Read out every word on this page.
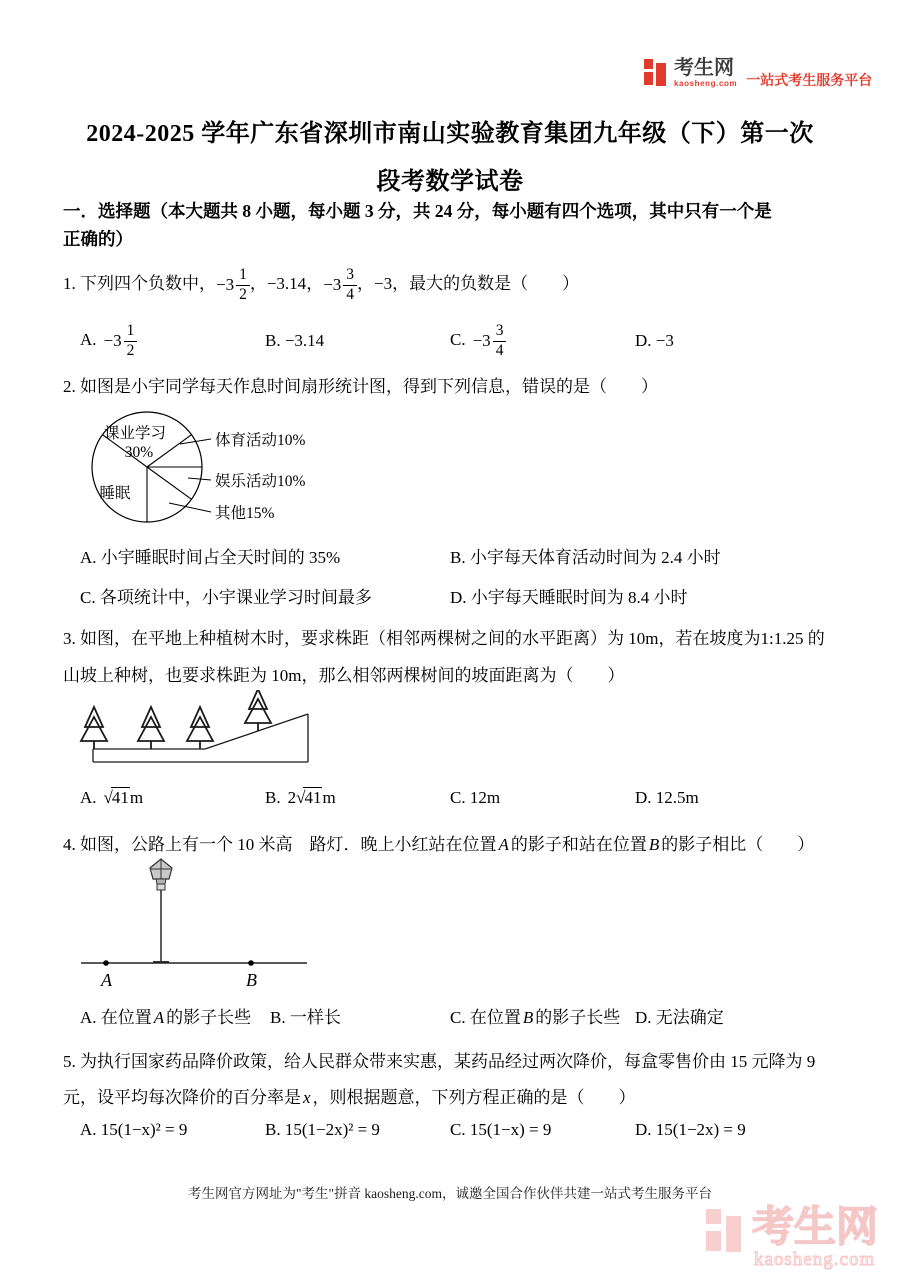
考生网
kaosheng.com 一站式考生服务平台
2024-2025 学年广东省深圳市南山实验教育集团九年级（下）第一次
段考数学试卷
一．选择题（本大题共 8 小题，每小题 3 分，共 24 分，每小题有四个选项，其中只有一个是
正确的）
1. 下列四个负数中， $-3 \frac{1}{2}$ ，−3.14， $-3 \frac{3}{4}$ ，−3，最大的负数是（　　）
A. $-3 \frac{1}{2}$	B. −3.14	C. $-3 \frac{3}{4}$	D. −3
2. 如图是小宇同学每天作息时间扇形统计图，得到下列信息，错误的是（　　）
课业学习
30%
睡眠
体育活动10%
娱乐活动10%
其他15%
A. 小宇睡眠时间占全天时间的 35%	B. 小宇每天体育活动时间为 2.4 小时
C. 各项统计中，小宇课业学习时间最多	D. 小宇每天睡眠时间为 8.4 小时
3. 如图，在平地上种植树木时，要求株距（相邻两棵树之间的水平距离）为 10m，若在坡度为1:1.25 的
山坡上种树，也要求株距为 10m，那么相邻两棵树间的坡面距离为（　　）
A. √41m	B. 2√41m	C. 12m	D. 12.5m
4. 如图，公路上有一个 10 米高　路灯．晚上小红站在位置 A 的影子和站在位置 B 的影子相比（　　）
A	B
A. 在位置 A 的影子长些	B. 一样长	C. 在位置 B 的影子长些 D. 无法确定
5. 为执行国家药品降价政策，给人民群众带来实惠，某药品经过两次降价，每盒零售价由 15 元降为 9
元，设平均每次降价的百分率是 x ，则根据题意，下列方程正确的是（　　）
A. 15(1−x)² = 9	B. 15(1−2x)² = 9	C. 15(1−x) = 9	D. 15(1−2x) = 9
考生网官方网址为"考生"拼音 kaosheng.com，诚邀全国合作伙伴共建一站式考生服务平台
考生网
kaosheng.com
